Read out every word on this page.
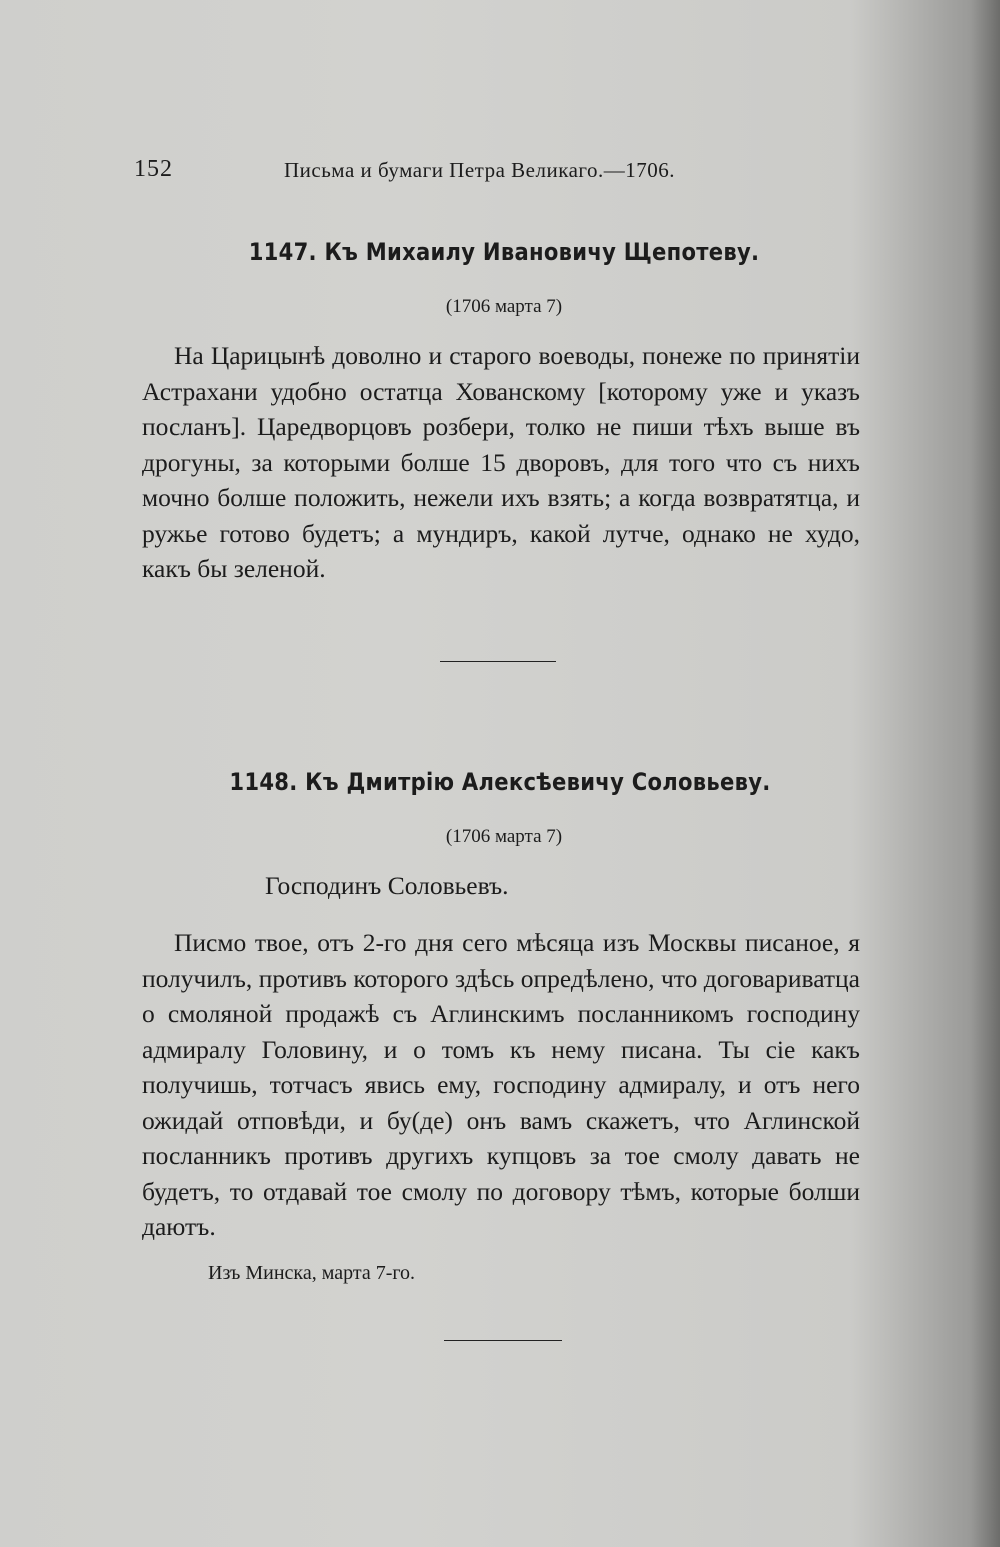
152	Письма и бумаги Петра Великаго.—1706.
1147. Къ Михаилу Ивановичу Щепотеву.
(1706 марта 7)

На Царицынѣ доволно и старого воеводы, понеже по принятіи Астрахани удобно остатца Хованскому [которому уже и указъ посланъ]. Царедворцовъ розбери, толко не пиши тѣхъ выше въ дрогуны, за которыми болше 15 дворовъ, для того что съ нихъ мочно болше положить, нежели ихъ взять; а когда возвратятца, и ружье готово будетъ; а мундиръ, какой лутче, однако не худо, какъ бы зеленой.

1148. Къ Дмитрію Алексѣевичу Соловьеву.
(1706 марта 7)
Господинъ Соловьевъ.

Писмо твое, отъ 2-го дня сего мѣсяца изъ Москвы писаное, я получилъ, противъ которого здѣсь опредѣлено, что договариватца о смоляной продажѣ съ Аглинскимъ посланникомъ господину адмиралу Головину, и о томъ къ нему писана. Ты сіе какъ получишь, тотчасъ явись ему, господину адмиралу, и отъ него ожидай отповѣди, и бу(де) онъ вамъ скажетъ, что Аглинской посланникъ противъ другихъ купцовъ за тое смолу давать не будетъ, то отдавай тое смолу по договору тѣмъ, которые болши даютъ.

Изъ Минска, марта 7-го.
